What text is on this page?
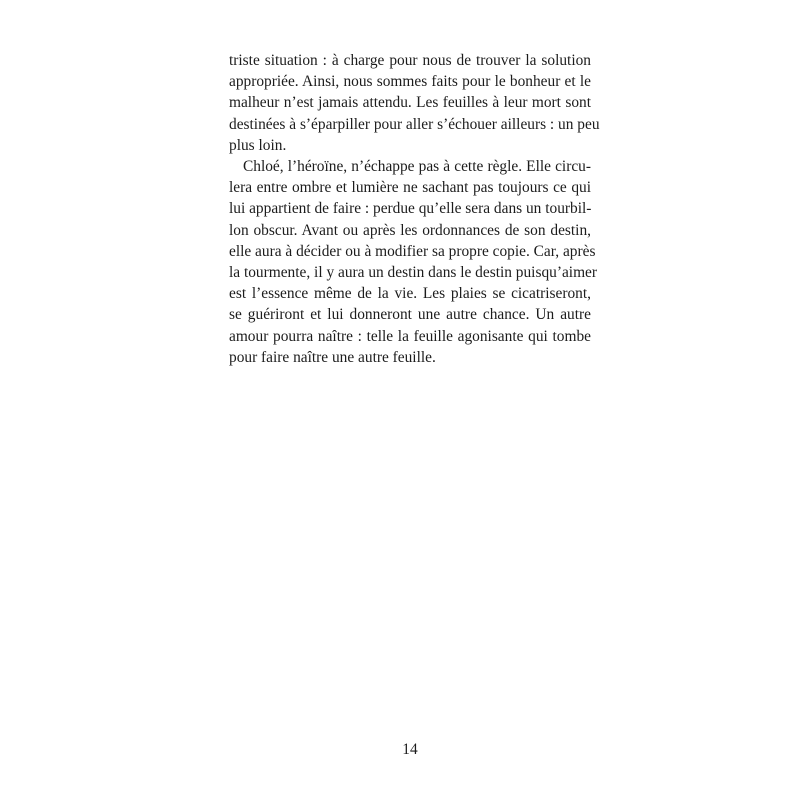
triste situation : à charge pour nous de trouver la solution
appropriée. Ainsi, nous sommes faits pour le bonheur et le
malheur n’est jamais attendu. Les feuilles à leur mort sont
destinées à s’éparpiller pour aller s’échouer ailleurs : un peu
plus loin.

Chloé, l’héroïne, n’échappe pas à cette règle. Elle circu-
lera entre ombre et lumière ne sachant pas toujours ce qui
lui appartient de faire : perdue qu’elle sera dans un tourbil-
lon obscur. Avant ou après les ordonnances de son destin,
elle aura à décider ou à modifier sa propre copie. Car, après
la tourmente, il y aura un destin dans le destin puisqu’aimer
est l’essence même de la vie. Les plaies se cicatriseront,
se guériront et lui donneront une autre chance. Un autre
amour pourra naître : telle la feuille agonisante qui tombe
pour faire naître une autre feuille.

14
